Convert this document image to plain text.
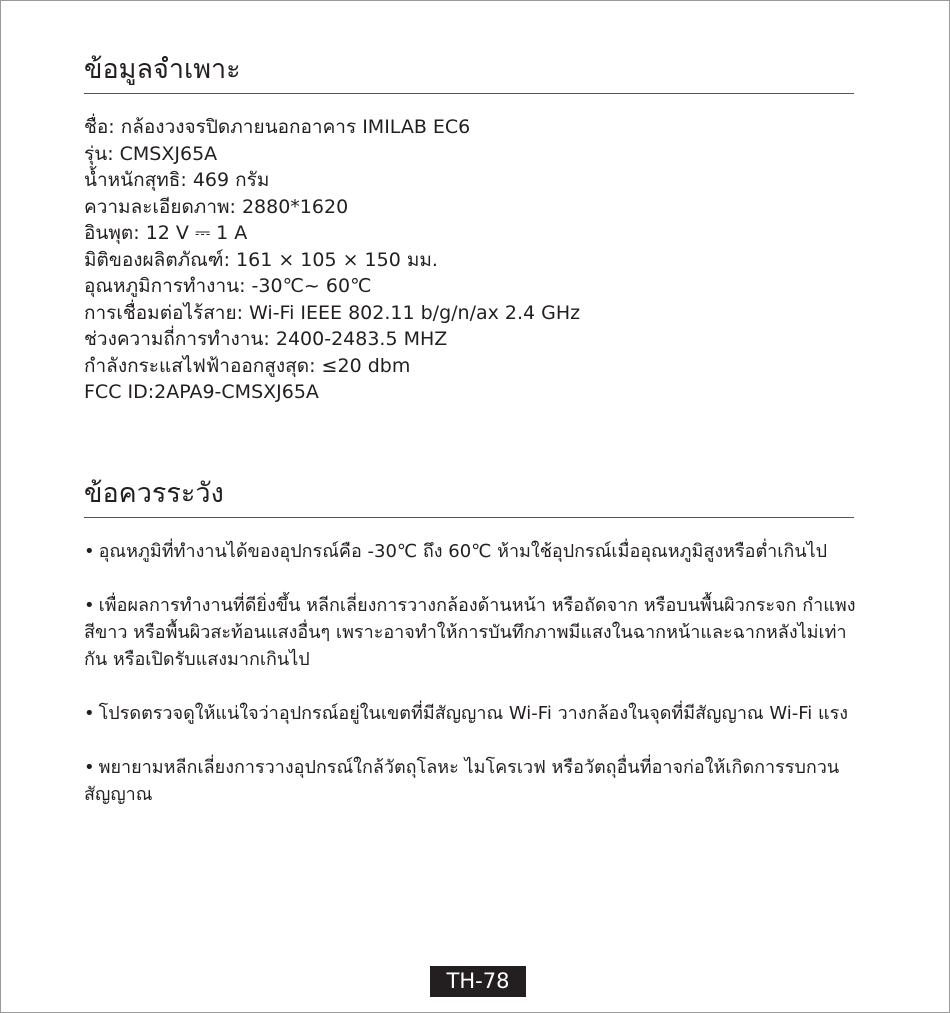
ข้อมูลจำเพาะ
ชื่อ: กล้องวงจรปิดภายนอกอาคาร IMILAB EC6
รุ่น: CMSXJ65A
น้ำหนักสุทธิ: 469 กรัม
ความละเอียดภาพ: 2880*1620
อินพุต: 12 V ⎓ 1 A
มิติของผลิตภัณฑ์: 161 × 105 × 150 มม.
อุณหภูมิการทำงาน: -30℃~ 60℃
การเชื่อมต่อไร้สาย: Wi-Fi IEEE 802.11 b/g/n/ax 2.4 GHz
ช่วงความถี่การทำงาน: 2400-2483.5 MHZ
กำลังกระแสไฟฟ้าออกสูงสุด: ≤20 dbm
FCC ID:2APA9-CMSXJ65A
ข้อควรระวัง
• อุณหภูมิที่ทำงานได้ของอุปกรณ์คือ -30℃ ถึง 60℃ ห้ามใช้อุปกรณ์เมื่ออุณหภูมิสูงหรือต่ำเกินไป
• เพื่อผลการทำงานที่ดียิ่งขึ้น หลีกเลี่ยงการวางกล้องด้านหน้า หรือถัดจาก หรือบนพื้นผิวกระจก กำแพงสีขาว หรือพื้นผิวสะท้อนแสงอื่นๆ เพราะอาจทำให้การบันทึกภาพมีแสงในฉากหน้าและฉากหลังไม่เท่ากัน หรือเปิดรับแสงมากเกินไป
• โปรดตรวจดูให้แน่ใจว่าอุปกรณ์อยู่ในเขตที่มีสัญญาณ Wi-Fi วางกล้องในจุดที่มีสัญญาณ Wi-Fi แรง
• พยายามหลีกเลี่ยงการวางอุปกรณ์ใกล้วัตถุโลหะ ไมโครเวฟ หรือวัตถุอื่นที่อาจก่อให้เกิดการรบกวนสัญญาณ
TH-78
